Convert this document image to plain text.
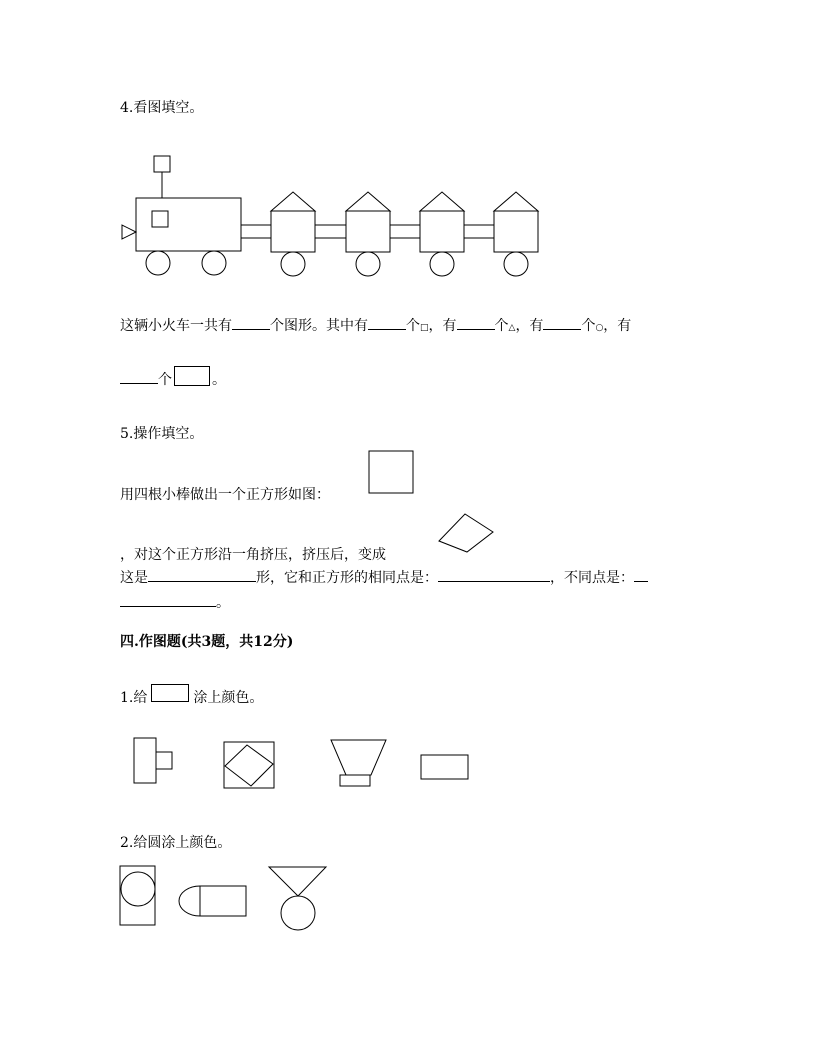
4.看图填空。
这辆小火车一共有	个图形。其中有	个□，有	个△，有	个○，有
个	。
5.操作填空。
用四根小棒做出一个正方形如图：
，对这个正方形沿一角挤压，挤压后，变成
这是	形，它和正方形的相同点是：	，不同点是：
。
四.作图题(共3题，共12分)
1.给	涂上颜色。
2.给圆涂上颜色。
